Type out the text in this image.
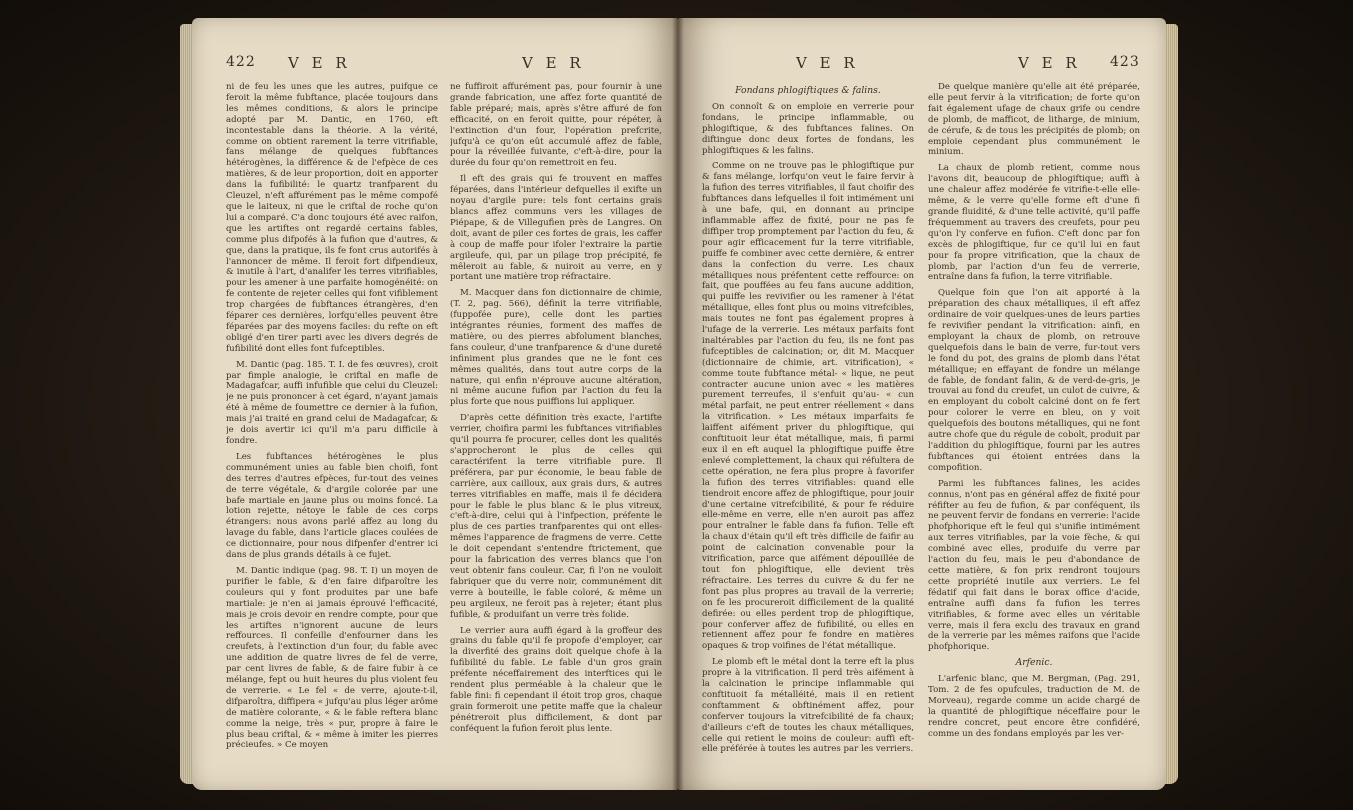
422 V E R	V E R

ni de feu les unes que les autres, puifque ce feroit la même fubftance, placée toujours dans les mêmes conditions, & alors le principe adopté par M. Dantic, en 1760, eft incontestable dans la théorie. A la vérité, comme on obtient rarement la terre vitrifiable, fans mélange de quelques fubftances hétérogènes, la différence & de l'efpèce de ces matières, & de leur proportion, doit en apporter dans la fufibilité: le quartz tranfparent du Cleuzel, n'eft affurément pas le même compofé que le laiteux, ni que le criftal de roche qu'on lui a comparé. C'a donc toujours été avec raifon, que les artiftes ont regardé certains fables, comme plus difpofés à la fufion que d'autres, & que, dans la pratique, ils fe font crus autorifés à l'annoncer de même. Il feroit fort difpendieux, & inutile à l'art, d'analifer les terres vitrifiables, pour les amener à une parfaite homogénéité: on fe contente de rejeter celles qui font vifiblement trop chargées de fubftances étrangères, d'en féparer ces dernières, lorfqu'elles peuvent être féparées par des moyens faciles: du refte on eft obligé d'en tirer parti avec les divers degrés de fufibilité dont elles font fufceptibles.

M. Dantic (pag. 185. T. I. de fes œuvres), croit par fimple analogie, le criftal en mafle de Madagafcar, auffi infufible que celui du Cleuzel: je ne puis prononcer à cet égard, n'ayant jamais été à même de foumettre ce dernier à la fufion, mais j'ai traité en grand celui de Madagafcar, & je dois avertir ici qu'il m'a paru difficile à fondre.

Les fubftances hétérogènes le plus communément unies au fable bien choifi, font des terres d'autres efpèces, fur-tout des veines de terre végétale, & d'argile colorée par une bafe martiale en jaune plus ou moins foncé. La lotion rejette, nétoye le fable de ces corps étrangers: nous avons parlé affez au long du lavage du fable, dans l'article glaces coulées de ce dictionnaire, pour nous difpenfer d'entrer ici dans de plus grands détails à ce fujet.

M. Dantic indique (pag. 98. T. I) un moyen de purifier le fable, & d'en faire difparoître les couleurs qui y font produites par une bafe martiale: je n'en ai jamais éprouvé l'efficacité, mais je crois devoir en rendre compte, pour que les artiftes n'ignorent aucune de leurs reffources. Il confeille d'enfourner dans les creufets, à l'extinction d'un four, du fable avec une addition de quatre livres de fel de verre, par cent livres de fable, & de faire fubir à ce mélange, fept ou huit heures du plus violent feu de verrerie. « Le fel « de verre, ajoute-t-il, difparoîtra, diffipera « jufqu'au plus léger arôme de matière colorante, « & le fable reftera blanc comme la neige, très « pur, propre à faire le plus beau criftal, & « même à imiter les pierres précieufes. » Ce moyen

ne fuffiroit affurément pas, pour fournir à une grande fabrication, une affez forte quantité de fable préparé; mais, après s'être affuré de fon efficacité, on en feroit quitte, pour répéter, à l'extinction d'un four, l'opération prefcrite, jufqu'à ce qu'on eût accumulé affez de fable, pour la réveillée fuivante, c'eft-à-dire, pour la durée du four qu'on remettroit en feu.

Il eft des grais qui fe trouvent en maffes féparées, dans l'intérieur defquelles il exifte un noyau d'argile pure: tels font certains grais blancs affez communs vers les villages de Piépape, & de Villegufien près de Langres. On doit, avant de piler ces fortes de grais, les caffer à coup de maffe pour ifoler l'extraire la partie argileufe, qui, par un pilage trop précipité, fe mêleroit au fable, & nuiroit au verre, en y portant une matière trop réfractaire.

M. Macquer dans fon dictionnaire de chimie, (T. 2, pag. 566), définit la terre vitrifiable, (fuppofée pure), celle dont les parties intégrantes réunies, forment des maffes de matière, ou des pierres abfolument blanches, fans couleur, d'une tranfparence & d'une dureté infiniment plus grandes que ne le font ces mêmes qualités, dans tout autre corps de la nature, qui enfin n'éprouve aucune altération, ni même aucune fufion par l'action du feu la plus forte que nous puiffions lui appliquer.

D'après cette définition très exacte, l'artifte verrier, choifira parmi les fubftances vitrifiables qu'il pourra fe procurer, celles dont les qualités s'approcheront le plus de celles qui caractérifent la terre vitrifiable pure. Il préférera, par pur économie, le beau fable de carrière, aux cailloux, aux grais durs, & autres terres vitrifiables en maffe, mais il fe décidera pour le fable le plus blanc & le plus vitreux, c'eft-à-dire, celui qui à l'infpection, préfente le plus de ces parties tranfparentes qui ont elles-mêmes l'apparence de fragmens de verre. Cette le doit cependant s'entendre ftrictement, que pour la fabrication des verres blancs que l'on veut obtenir fans couleur. Car, fi l'on ne vouloit fabriquer que du verre noir, communément dit verre à bouteille, le fable coloré, & même un peu argileux, ne feroit pas à rejeter; étant plus fufible, & produifant un verre très folide.

Le verrier aura auffi égard à la groffeur des grains du fable qu'il fe propofe d'employer, car la diverfité des grains doit quelque chofe à la fufibilité du fable. Le fable d'un gros grain préfente néceffairement des interftices qui le rendent plus perméable à la chaleur que le fable fini: fi cependant il étoit trop gros, chaque grain formeroit une petite maffe que la chaleur pénétreroit plus difficilement, & dont par conféquent la fufion feroit plus lente.

V E R	V E R 423
Fondans phlogiftiques & falins.

On connoît & on emploie en verrerie pour fondans, le principe inflammable, ou phlogiftique, & des fubftances falines. On diftingue donc deux fortes de fondans, les phlogiftiques & les falins.

Comme on ne trouve pas le phlogiftique pur & fans mélange, lorfqu'on veut le faire fervir à la fufion des terres vitrifiables, il faut choifir des fubftances dans lefquelles il foit intimément uni à une bafe, qui, en donnant au principe inflammable affez de fixité, pour ne pas fe diffiper trop promptement par l'action du feu, & pour agir efficacement fur la terre vitrifiable, puiffe fe combiner avec cette dernière, & entrer dans la confection du verre. Les chaux métalliques nous préfentent cette reffource: on fait, que pouffées au feu fans aucune addition, qui puiffe les revivifier ou les ramener à l'état métallique, elles font plus ou moins vitrefcibles, mais toutes ne font pas également propres à l'ufage de la verrerie. Les métaux parfaits font inaltérables par l'action du feu, ils ne font pas fufceptibles de calcination; or, dit M. Macquer (dictionnaire de chimie, art. vitrification), « comme toute fubftance métal- « lique, ne peut contracter aucune union avec « les matières purement terreufes, il s'enfuit qu'au- « cun métal parfait, ne peut entrer réellement « dans la vitrification. » Les métaux imparfaits fe laiffent aifément priver du phlogiftique, qui conftituoit leur état métallique, mais, fi parmi eux il en eft auquel la phlogiftique puiffe être enlevé complettement, la chaux qui réfultera de cette opération, ne fera plus propre à favorifer la fufion des terres vitrifiables: quand elle tiendroit encore affez de phlogiftique, pour jouir d'une certaine vitrefcibilité, & pour fe réduire elle-même en verre, elle n'en auroit pas affez pour entraîner le fable dans fa fufion. Telle eft la chaux d'étain qu'il eft très difficile de faifir au point de calcination convenable pour la vitrification, parce que aifément dépouillée de tout fon phlogiftique, elle devient très réfractaire. Les terres du cuivre & du fer ne font pas plus propres au travail de la verrerie; on fe les procureroit difficilement de la qualité defirée: ou elles perdent trop de phlogiftique, pour conferver affez de fufibilité, ou elles en retiennent affez pour fe fondre en matières opaques & trop voifines de l'état métallique.

Le plomb eft le métal dont la terre eft la plus propre à la vitrification. Il perd très aifément à la calcination le principe inflammable qui conftituoit fa métalléité, mais il en retient conftamment & obftinément affez, pour conferver toujours la vitrefcibilité de fa chaux; d'ailleurs c'eft de toutes les chaux métalliques, celle qui retient le moins de couleur: auffi eft-elle préférée à toutes les autres par les verriers.

De quelque manière qu'elle ait été préparée, elle peut fervir à la vitrification; de forte qu'on fait également ufage de chaux grife ou cendre de plomb, de mafficot, de litharge, de minium, de cérufe, & de tous les précipités de plomb; on emploie cependant plus communément le minium.

La chaux de plomb retient, comme nous l'avons dit, beaucoup de phlogiftique; auffi à une chaleur affez modérée fe vitrifie-t-elle elle-même, & le verre qu'elle forme eft d'une fi grande fluidité, & d'une telle activité, qu'il paffe fréquemment au travers des creufets, pour peu qu'on l'y conferve en fufion. C'eft donc par fon excès de phlogiftique, fur ce qu'il lui en faut pour fa propre vitrification, que la chaux de plomb, par l'action d'un feu de verrerie, entraîne dans fa fufion, la terre vitrifiable.

Quelque foin que l'on ait apporté à la préparation des chaux métalliques, il eft affez ordinaire de voir quelques-unes de leurs parties fe revivifier pendant la vitrification: ainfi, en employant la chaux de plomb, on retrouve quelquefois dans le bain de verre, fur-tout vers le fond du pot, des grains de plomb dans l'état métallique; en effayant de fondre un mélange de fable, de fondant falin, & de verd-de-gris, je trouvai au fond du creufet, un culot de cuivre, & en employant du cobolt calciné dont on fe fert pour colorer le verre en bleu, on y voit quelquefois des boutons métalliques, qui ne font autre chofe que du régule de cobolt, produit par l'addition du phlogiftique, fourni par les autres fubftances qui étoient entrées dans la compofition.

Parmi les fubftances falines, les acides connus, n'ont pas en général affez de fixité pour réfifter au feu de fufion, & par conféquent, ils ne peuvent fervir de fondans en verrerie: l'acide phofphorique eft le feul qui s'unifie intimément aux terres vitrifiables, par la voie fèche, & qui combiné avec elles, produife du verre par l'action du feu, mais le peu d'abondance de cette matière, & fon prix rendront toujours cette propriété inutile aux verriers. Le fel fédatif qui fait dans le borax office d'acide, entraîne auffi dans fa fufion les terres vitrifiables, & forme avec elles un véritable verre, mais il fera exclu des travaux en grand de la verrerie par les mêmes raifons que l'acide phofphorique.

Arfenic.

L'arfenic blanc, que M. Bergman, (Pag. 291, Tom. 2 de fes opufcules, traduction de M. de Morveau), regarde comme un acide chargé de la quantité de phlogiftique néceffaire pour le rendre concret, peut encore être confidéré, comme un des fondans employés par les ver-
